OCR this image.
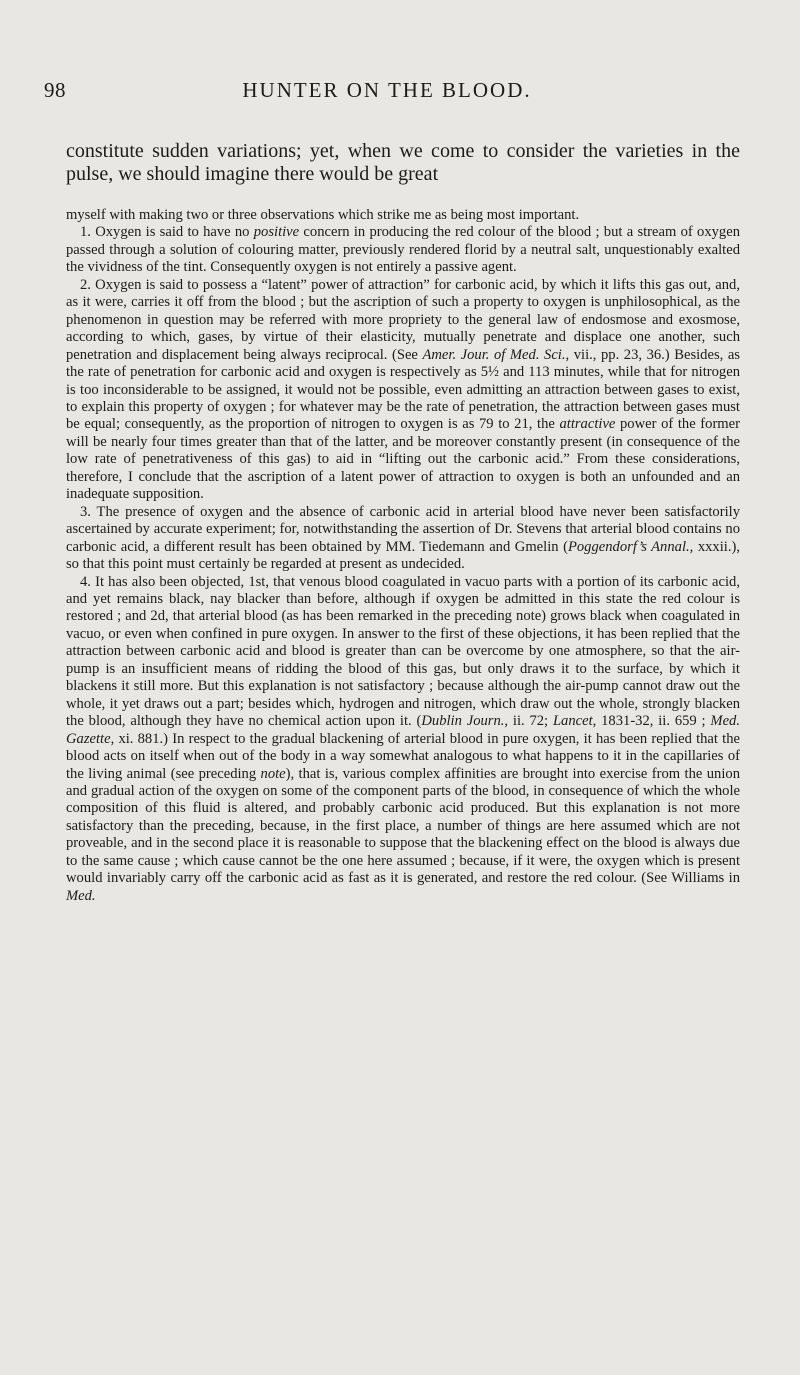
98	HUNTER ON THE BLOOD.

constitute sudden variations; yet, when we come to consider the varieties in the pulse, we should imagine there would be great

myself with making two or three observations which strike me as being most important.

1. Oxygen is said to have no positive concern in producing the red colour of the blood ; but a stream of oxygen passed through a solution of colouring matter, previously rendered florid by a neutral salt, unquestionably exalted the vividness of the tint. Consequently oxygen is not entirely a passive agent.

2. Oxygen is said to possess a “latent” power of attraction” for carbonic acid, by which it lifts this gas out, and, as it were, carries it off from the blood ; but the ascription of such a property to oxygen is unphilosophical, as the phenomenon in question may be referred with more propriety to the general law of endosmose and exosmose, according to which, gases, by virtue of their elasticity, mutually penetrate and displace one another, such penetration and displacement being always reciprocal. (See Amer. Jour. of Med. Sci., vii., pp. 23, 36.) Besides, as the rate of penetration for carbonic acid and oxygen is respectively as 5½ and 113 minutes, while that for nitrogen is too inconsiderable to be assigned, it would not be possible, even admitting an attraction between gases to exist, to explain this property of oxygen ; for whatever may be the rate of penetration, the attraction between gases must be equal; consequently, as the proportion of nitrogen to oxygen is as 79 to 21, the attractive power of the former will be nearly four times greater than that of the latter, and be moreover constantly present (in consequence of the low rate of penetrativeness of this gas) to aid in “lifting out the carbonic acid.” From these considerations, therefore, I conclude that the ascription of a latent power of attraction to oxygen is both an unfounded and an inadequate supposition.

3. The presence of oxygen and the absence of carbonic acid in arterial blood have never been satisfactorily ascertained by accurate experiment; for, notwithstanding the assertion of Dr. Stevens that arterial blood contains no carbonic acid, a different result has been obtained by MM. Tiedemann and Gmelin (Poggendorf’s Annal., xxxii.), so that this point must certainly be regarded at present as undecided.

4. It has also been objected, 1st, that venous blood coagulated in vacuo parts with a portion of its carbonic acid, and yet remains black, nay blacker than before, although if oxygen be admitted in this state the red colour is restored ; and 2d, that arterial blood (as has been remarked in the preceding note) grows black when coagulated in vacuo, or even when confined in pure oxygen. In answer to the first of these objections, it has been replied that the attraction between carbonic acid and blood is greater than can be overcome by one atmosphere, so that the air-pump is an insufficient means of ridding the blood of this gas, but only draws it to the surface, by which it blackens it still more. But this explanation is not satisfactory ; because although the air-pump cannot draw out the whole, it yet draws out a part; besides which, hydrogen and nitrogen, which draw out the whole, strongly blacken the blood, although they have no chemical action upon it. (Dublin Journ., ii. 72; Lancet, 1831-32, ii. 659 ; Med. Gazette, xi. 881.) In respect to the gradual blackening of arterial blood in pure oxygen, it has been replied that the blood acts on itself when out of the body in a way somewhat analogous to what happens to it in the capillaries of the living animal (see preceding note), that is, various complex affinities are brought into exercise from the union and gradual action of the oxygen on some of the component parts of the blood, in consequence of which the whole composition of this fluid is altered, and probably carbonic acid produced. But this explanation is not more satisfactory than the preceding, because, in the first place, a number of things are here assumed which are not proveable, and in the second place it is reasonable to suppose that the blackening effect on the blood is always due to the same cause ; which cause cannot be the one here assumed ; because, if it were, the oxygen which is present would invariably carry off the carbonic acid as fast as it is generated, and restore the red colour. (See Williams in Med.
